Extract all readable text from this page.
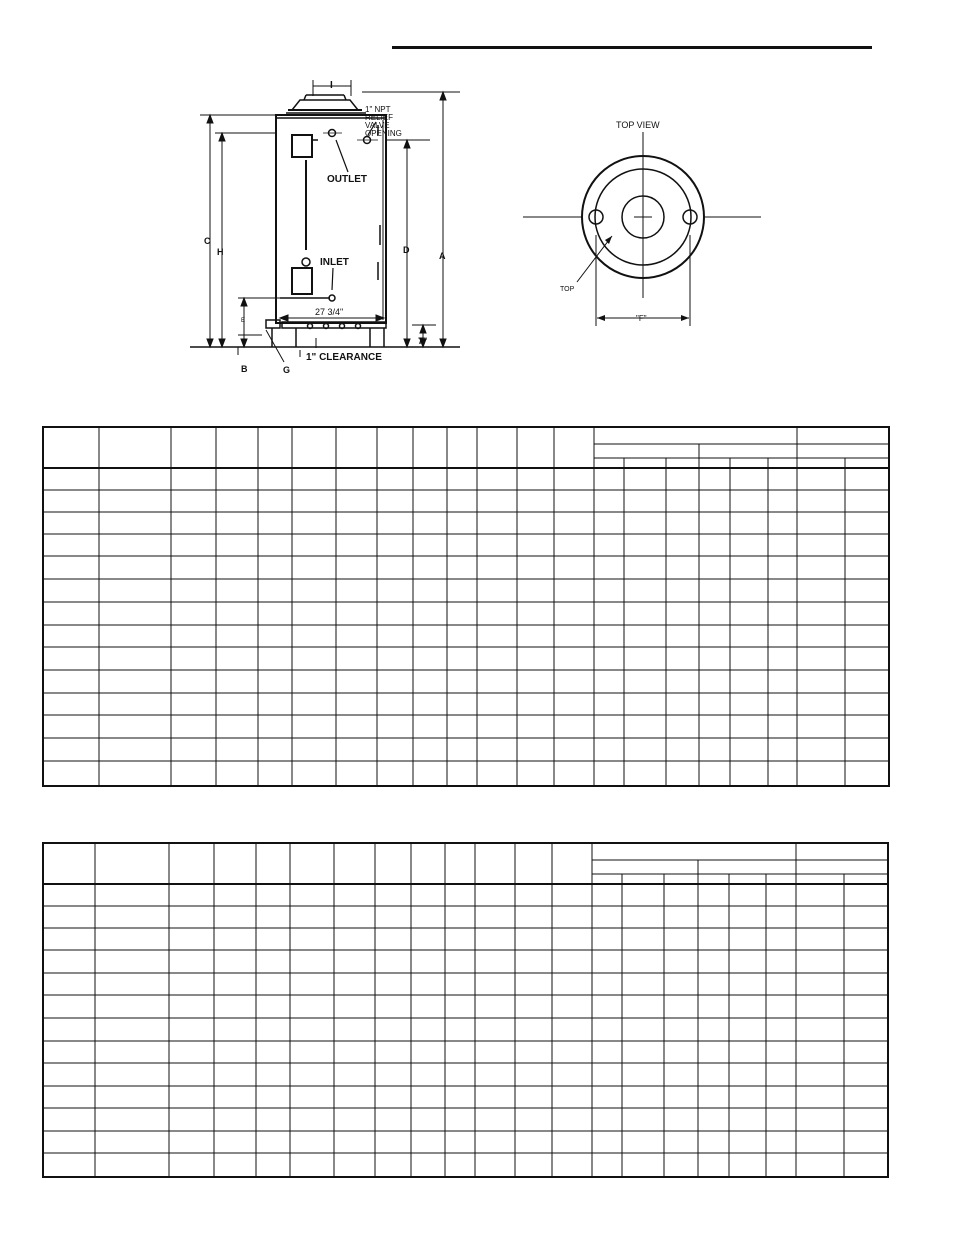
I
1" NPT
RELIEF
VALVE
OPENING
OUTLET
INLET
C
H	D
A
E
27 3/4"
7"
1" CLEARANCE
B	G
TOP VIEW
TOP
"F"
